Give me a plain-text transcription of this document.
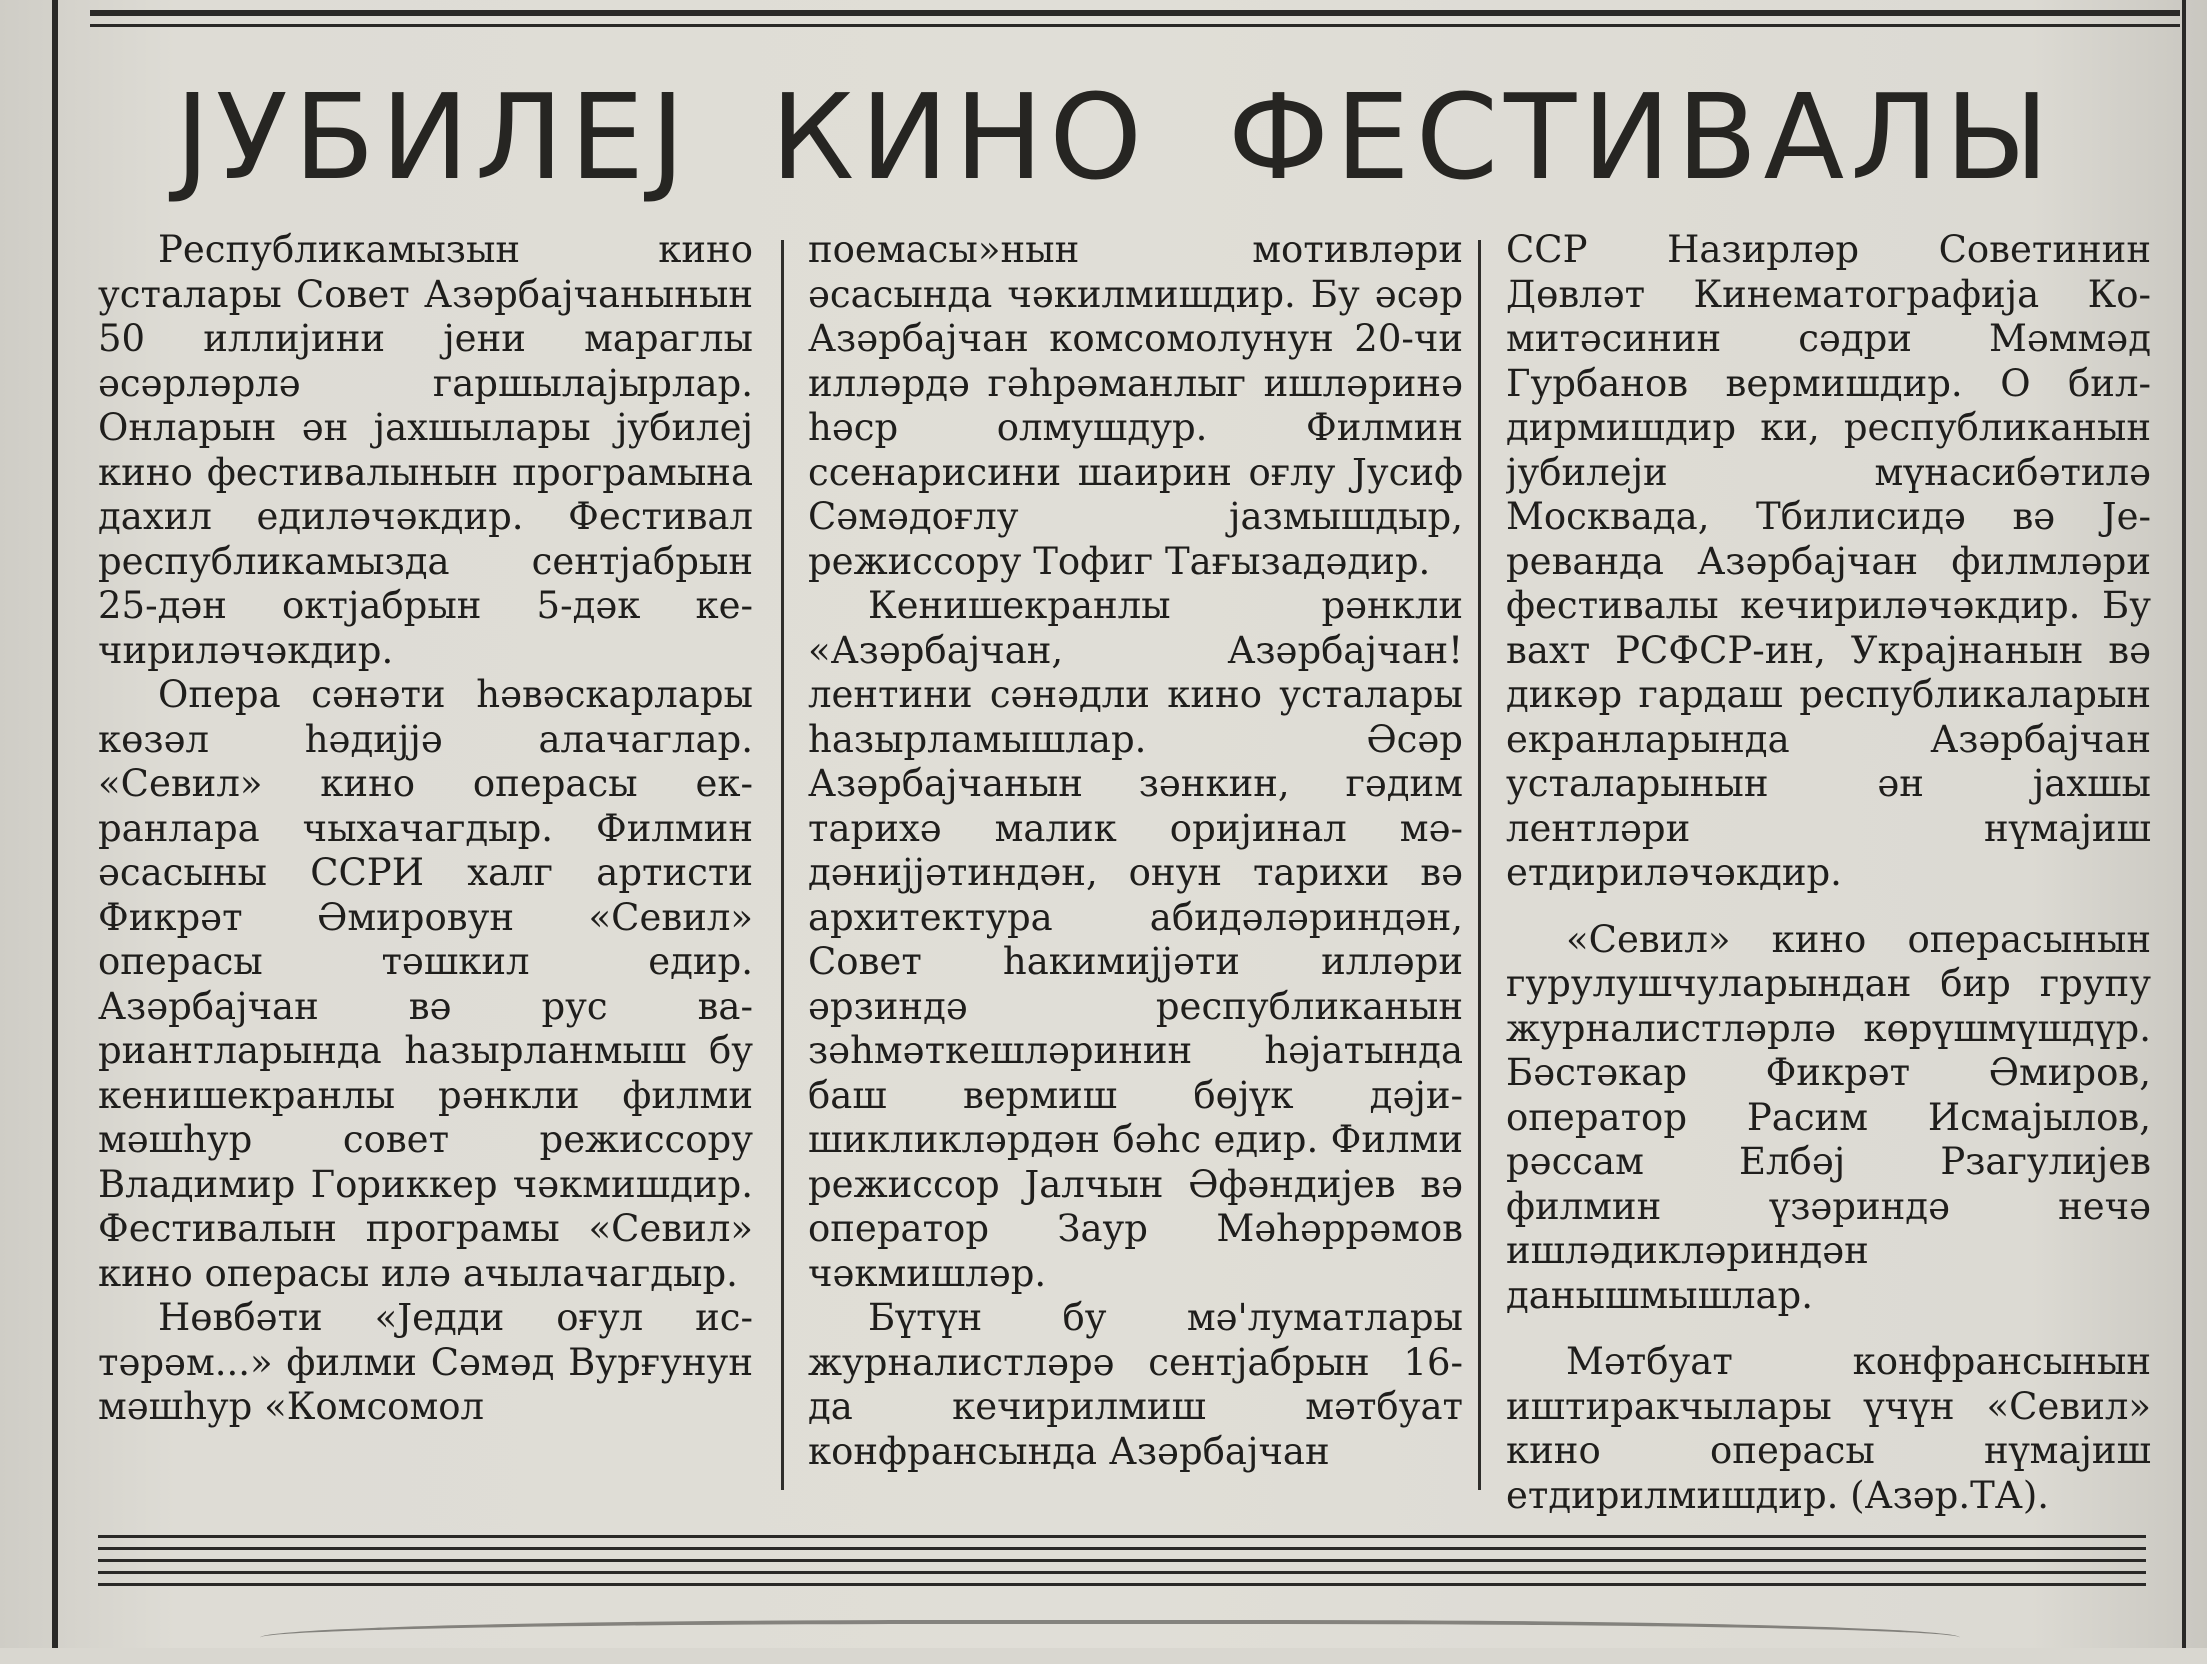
ЈУБИЛЕЈ КИНО ФЕСТИВАЛЫ

Республикамызын кино усталары Совет Азәрбајчанынын 50 иллијини јени мараглы әсәрләрлә гаршылајырлар. Онларын ән јахшылары јубилеј кино фестивалынын програмына дахил едиләчәкдир. Фестивал республикамызда сентјабрын 25-дән октјабрын 5-дәк кечириләчәкдир.

Опера сәнәти һәвәскарлары көзәл һәдијјә алачаглар. «Севил» кино операсы екранлара чыхачагдыр. Филмин әсасыны ССРИ халг артисти Фикрәт Әмировун «Севил» операсы тәшкил едир. Азәрбајчан вә рус вариантларында һазырланмыш бу кенишекранлы рәнкли филми мәшһур совет режиссору Владимир Гориккер чәкмишдир. Фестивалын програмы «Севил» кино операсы илә ачылачагдыр.

Нөвбәти «Једди оғул истәрәм...» филми Сәмәд Вурғунун мәшһур «Комсомол

поемасы»нын мотивләри әсасында чәкилмишдир. Бу әсәр Азәрбајчан комсомолунун 20-чи илләрдә гәһрәманлыг ишләринә һәср олмушдур. Филмин ссенарисини шаирин оғлу Јусиф Сәмәдоғлу јазмышдыр, режиссору Тофиг Тағызадәдир.

Кенишекранлы рәнкли «Азәрбајчан, Азәрбајчан! лентини сәнәдли кино усталары һазырламышлар. Әсәр Азәрбајчанын зәнкин, гәдим тарихә малик оријинал мәдәнијјәтиндән, онун тарихи вә архитектура абидәләриндән, Совет һакимијјәти илләри әрзиндә республиканын зәһмәткешләринин һәјатында баш вермиш бөјүк дәјишикликләрдән бәһс едир. Филми режиссор Јалчын Әфәндијев вә оператор Заур Мәһәррәмов чәкмишләр.

Бүтүн бу мә'луматлары журналистләрә сентјабрын 16-да кечирилмиш мәтбуат конфрансында Азәрбајчан

ССР Назирләр Советинин Дөвләт Кинематографија Комитәсинин сәдри Мәммәд Гурбанов вермишдир. О билдирмишдир ки, республиканын јубилеји мүнасибәтилә Москвада, Тбилисидә вә Јереванда Азәрбајчан филмләри фестивалы кечириләчәкдир. Бу вахт РСФСР-ин, Украјнанын вә дикәр гардаш республикаларын екранларында Азәрбајчан усталарынын ән јахшы лентләри нүмајиш етдириләчәкдир.

«Севил» кино операсынын гурулушчуларындан бир групу журналистләрлә көрүшмүшдүр. Бәстәкар Фикрәт Әмиров, оператор Расим Исмајылов, рәссам Елбәј Рзагулијев филмин үзәриндә нечә ишләдикләриндән данышмышлар.

Мәтбуат конфрансынын иштиракчылары үчүн «Севил» кино операсы нүмајиш етдирилмишдир. (Азәр.ТА).
